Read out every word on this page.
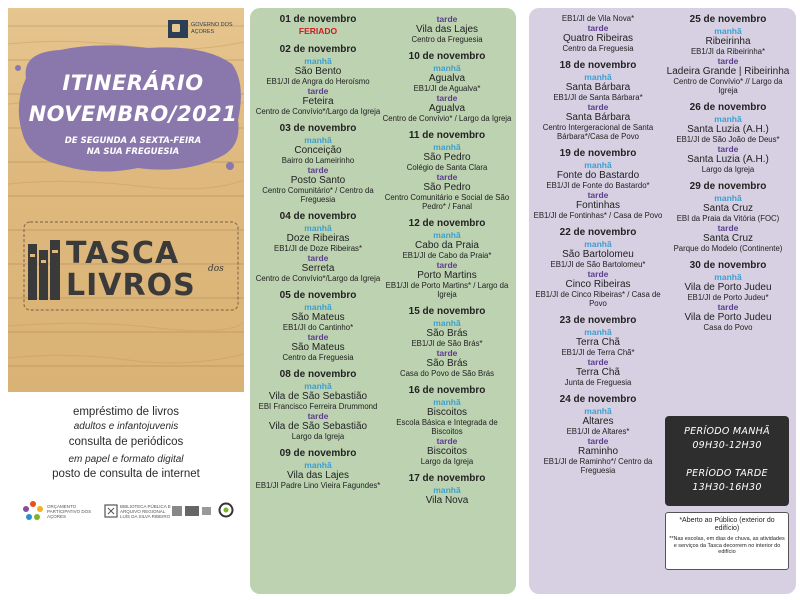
GOVERNO DOS AÇORES
ITINERÁRIO
NOVEMBRO/2021
DE SEGUNDA A SEXTA-FEIRA
NA SUA FREGUESIA
TASCA	dos
LIVROS
empréstimo de livros
adultos e infantojuvenis
consulta de periódicos
em papel e formato digital
posto de consulta de internet
ORÇAMENTO PARTICIPATIVO DOS AÇORES
BIBLIOTECA PÚBLICA E ARQUIVO REGIONAL LUÍS DA SILVA RIBEIRO
01 de novembro
FERIADO
02 de novembro
manhã
São Bento
EB1/JI de Angra do Heroísmo
tarde
Feteira
Centro de Convívio*/Largo da Igreja
03 de novembro
manhã
Conceição
Bairro do Lameirinho
tarde
Posto Santo
Centro Comunitário* / Centro da Freguesia
04 de novembro
manhã
Doze Ribeiras
EB1/JI de Doze Ribeiras*
tarde
Serreta
Centro de Convívio*/Largo da Igreja
05 de novembro
manhã
São Mateus
EB1/JI do Cantinho*
tarde
São Mateus
Centro da Freguesia
08 de novembro
manhã
Vila de São Sebastião
EBI Francisco Ferreira Drummond
tarde
Vila de São Sebastião
Largo da Igreja
09 de novembro
manhã
Vila das Lajes
EB1/JI Padre Lino Vieira Fagundes*
tarde
Vila das Lajes
Centro da Freguesia
10 de novembro
manhã
Agualva
EB1/JI de Agualva*
tarde
Agualva
Centro de Convívio* / Largo da Igreja
11 de novembro
manhã
São Pedro
Colégio de Santa Clara
tarde
São Pedro
Centro Comunitário e Social de São Pedro* / Fanal
12 de novembro
manhã
Cabo da Praia
EB1/JI de Cabo da Praia*
tarde
Porto Martins
EB1/JI de Porto Martins* / Largo da Igreja
15 de novembro
manhã
São Brás
EB1/JI de São Brás*
tarde
São Brás
Casa do Povo de São Brás
16 de novembro
manhã
Biscoitos
Escola Básica e Integrada de Biscoitos
tarde
Biscoitos
Largo da Igreja
17 de novembro
manhã
Vila Nova
EB1/JI de Vila Nova*
tarde
Quatro Ribeiras
Centro da Freguesia
18 de novembro
manhã
Santa Bárbara
EB1/JI de Santa Bárbara*
tarde
Santa Bárbara
Centro Intergeracional de Santa Bárbara*/Casa de Povo
19 de novembro
manhã
Fonte do Bastardo
EB1/JI de Fonte do Bastardo*
tarde
Fontinhas
EB1/JI de Fontinhas* / Casa de Povo
22 de novembro
manhã
São Bartolomeu
EB1/JI de São Bartolomeu*
tarde
Cinco Ribeiras
EB1/JI de Cinco Ribeiras* / Casa de Povo
23 de novembro
manhã
Terra Chã
EB1/JI de Terra Chã*
tarde
Terra Chã
Junta de Freguesia
24 de novembro
manhã
Altares
EB1/JI de Altares*
tarde
Raminho
EB1/JI de Raminho*/ Centro da Freguesia
25 de novembro
manhã
Ribeirinha
EB1/JI da Ribeirinha*
tarde
Ladeira Grande | Ribeirinha
Centro de Convívio* // Largo da Igreja
26 de novembro
manhã
Santa Luzia (A.H.)
EB1/JI de São João de Deus*
tarde
Santa Luzia (A.H.)
Largo da Igreja
29 de novembro
manhã
Santa Cruz
EBI da Praia da Vitória (FOC)
tarde
Santa Cruz
Parque do Modelo (Continente)
30 de novembro
manhã
Vila de Porto Judeu
EB1/JI de Porto Judeu*
tarde
Vila de Porto Judeu
Casa do Povo
PERÍODO MANHÃ
09H30-12H30
PERÍODO TARDE
13H30-16H30
*Aberto ao Público (exterior do edifício)
**Nas escolas, em dias de chuva, as atividades e serviços da Tasca decorrem no interior do edifício
